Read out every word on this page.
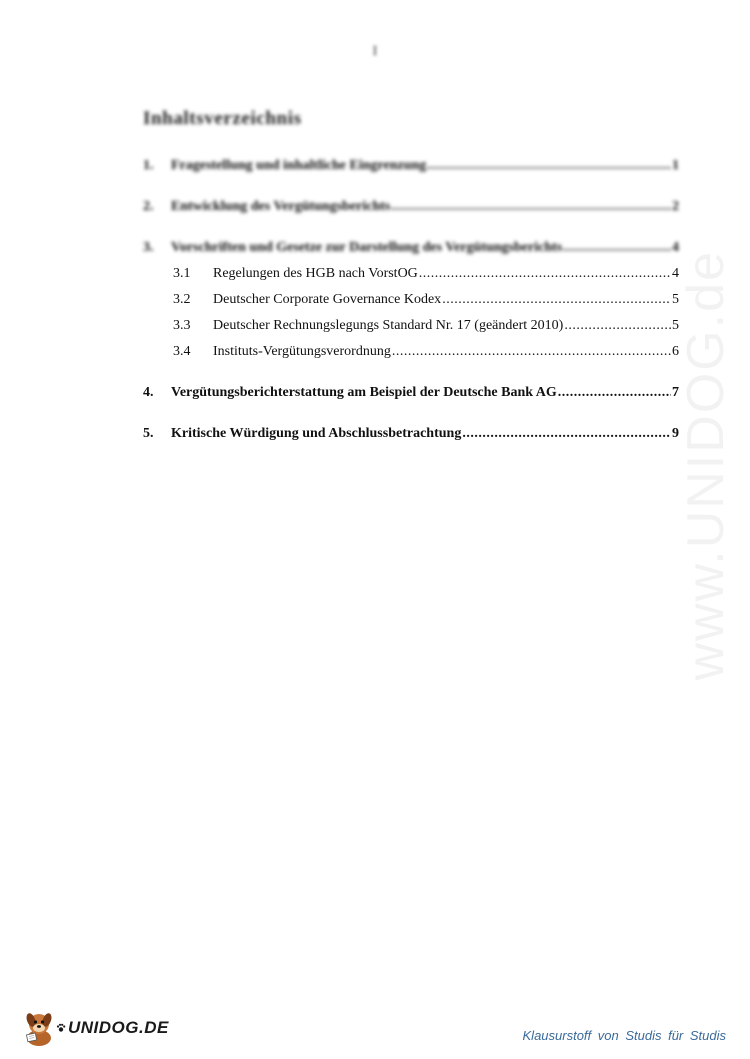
I
Inhaltsverzeichnis
1.	Fragestellung und inhaltliche Eingrenzung .....	1
2.	Entwicklung des Vergütungsberichts .....	2
3.	Vorschriften und Gesetze zur Darstellung des Vergütungsberichts .....	4
3.1	Regelungen des HGB nach VorstOG .....	4
3.2	Deutscher Corporate Governance Kodex .....	5
3.3	Deutscher Rechnungslegungs Standard Nr. 17 (geändert 2010) .....	5
3.4	Instituts-Vergütungsverordnung .....	6
4.	Vergütungsberichterstattung am Beispiel der Deutsche Bank AG .....	7
5.	Kritische Würdigung und Abschlussbetrachtung .....	9
www.UNIDOG.de
UNIDOG.DE	Klausurstoff von Studis für Studis
